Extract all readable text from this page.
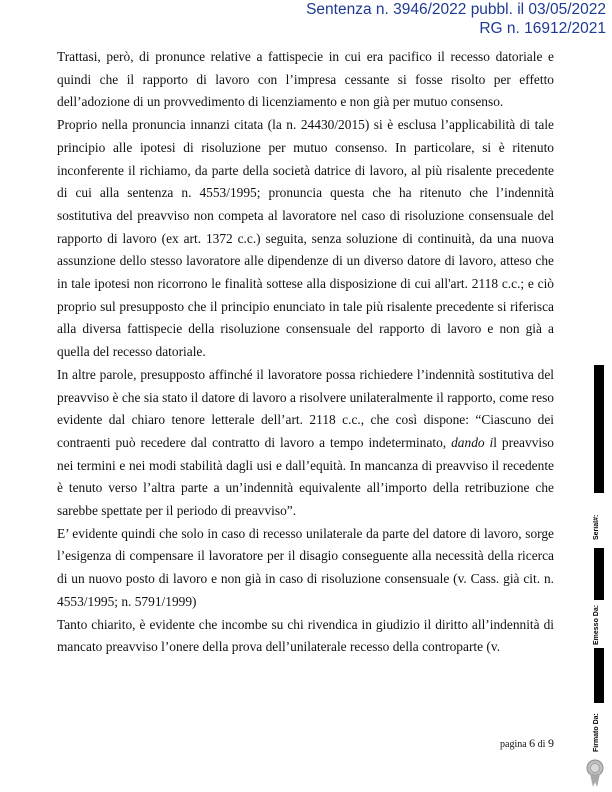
Sentenza n. 3946/2022 pubbl. il 03/05/2022
RG n. 16912/2021

Trattasi, però, di pronunce relative a fattispecie in cui era pacifico il recesso datoriale e quindi che il rapporto di lavoro con l’impresa cessante si fosse risolto per effetto dell’adozione di un provvedimento di licenziamento e non già per mutuo consenso.

Proprio nella pronuncia innanzi citata (la n. 24430/2015) si è esclusa l’applicabilità di tale principio alle ipotesi di risoluzione per mutuo consenso. In particolare, si è ritenuto inconferente il richiamo, da parte della società datrice di lavoro, al più risalente precedente di cui alla sentenza n. 4553/1995; pronuncia questa che ha ritenuto che l’indennità sostitutiva del preavviso non competa al lavoratore nel caso di risoluzione consensuale del rapporto di lavoro (ex art. 1372 c.c.) seguita, senza soluzione di continuità, da una nuova assunzione dello stesso lavoratore alle dipendenze di un diverso datore di lavoro, atteso che in tale ipotesi non ricorrono le finalità sottese alla disposizione di cui all'art. 2118 c.c.; e ciò proprio sul presupposto che il principio enunciato in tale più risalente precedente si riferisca alla diversa fattispecie della risoluzione consensuale del rapporto di lavoro e non già a quella del recesso datoriale.

In altre parole, presupposto affinché il lavoratore possa richiedere l’indennità sostitutiva del preavviso è che sia stato il datore di lavoro a risolvere unilateralmente il rapporto, come reso evidente dal chiaro tenore letterale dell’art. 2118 c.c., che così dispone: “Ciascuno dei contraenti può recedere dal contratto di lavoro a tempo indeterminato, dando il preavviso nei termini e nei modi stabilità dagli usi e dall’equità. In mancanza di preavviso il recedente è tenuto verso l’altra parte a un’indennità equivalente all’importo della retribuzione che sarebbe spettate per il periodo di preavviso”.

E’ evidente quindi che solo in caso di recesso unilaterale da parte del datore di lavoro, sorge l’esigenza di compensare il lavoratore per il disagio conseguente alla necessità della ricerca di un nuovo posto di lavoro e non già in caso di risoluzione consensuale (v. Cass. già cit. n. 4553/1995; n. 5791/1999)

Tanto chiarito, è evidente che incombe su chi rivendica in giudizio il diritto all’indennità di mancato preavviso l’onere della prova dell’unilaterale recesso della controparte (v.

pagina 6 di 9
Serial#:
Emesso Da:
Firmato Da:
